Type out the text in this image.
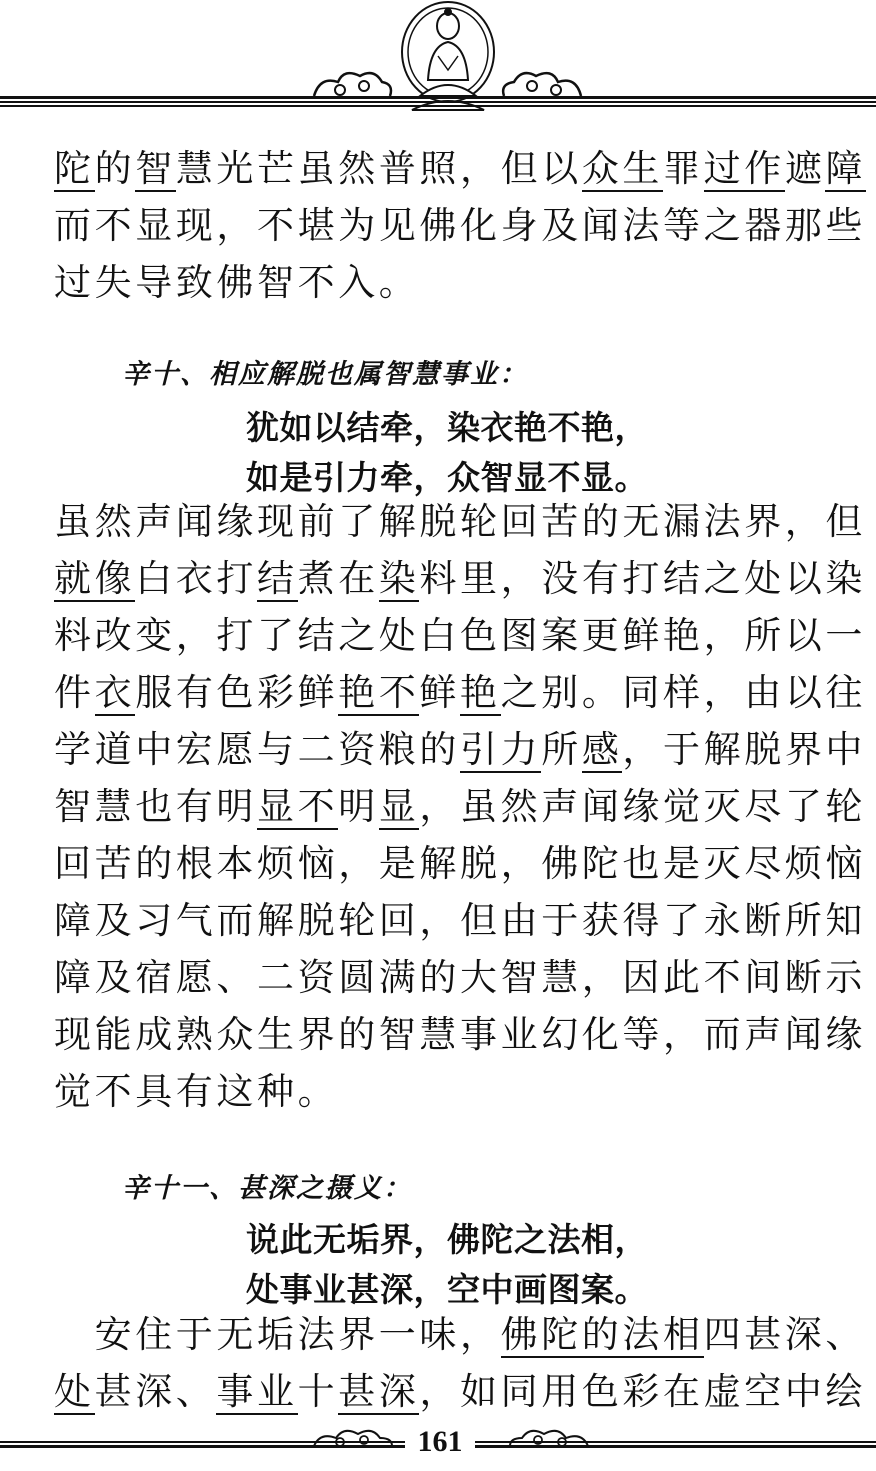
陀的智慧光芒虽然普照，但以众生罪过作遮障

而不显现，不堪为见佛化身及闻法等之器那些

过失导致佛智不入。

辛十、相应解脱也属智慧事业：
犹如以结牵，染衣艳不艳，
如是引力牵，众智显不显。

虽然声闻缘现前了解脱轮回苦的无漏法界，但

就像白衣打结煮在染料里，没有打结之处以染

料改变，打了结之处白色图案更鲜艳，所以一

件衣服有色彩鲜艳不鲜艳之别。同样，由以往

学道中宏愿与二资粮的引力所感，于解脱界中

智慧也有明显不明显，虽然声闻缘觉灭尽了轮

回苦的根本烦恼，是解脱，佛陀也是灭尽烦恼

障及习气而解脱轮回，但由于获得了永断所知

障及宿愿、二资圆满的大智慧，因此不间断示

现能成熟众生界的智慧事业幻化等，而声闻缘

觉不具有这种。

辛十一、甚深之摄义：
说此无垢界，佛陀之法相，
处事业甚深，空中画图案。

　安住于无垢法界一味，佛陀的法相四甚深、

处甚深、事业十甚深，如同用色彩在虚空中绘

161
